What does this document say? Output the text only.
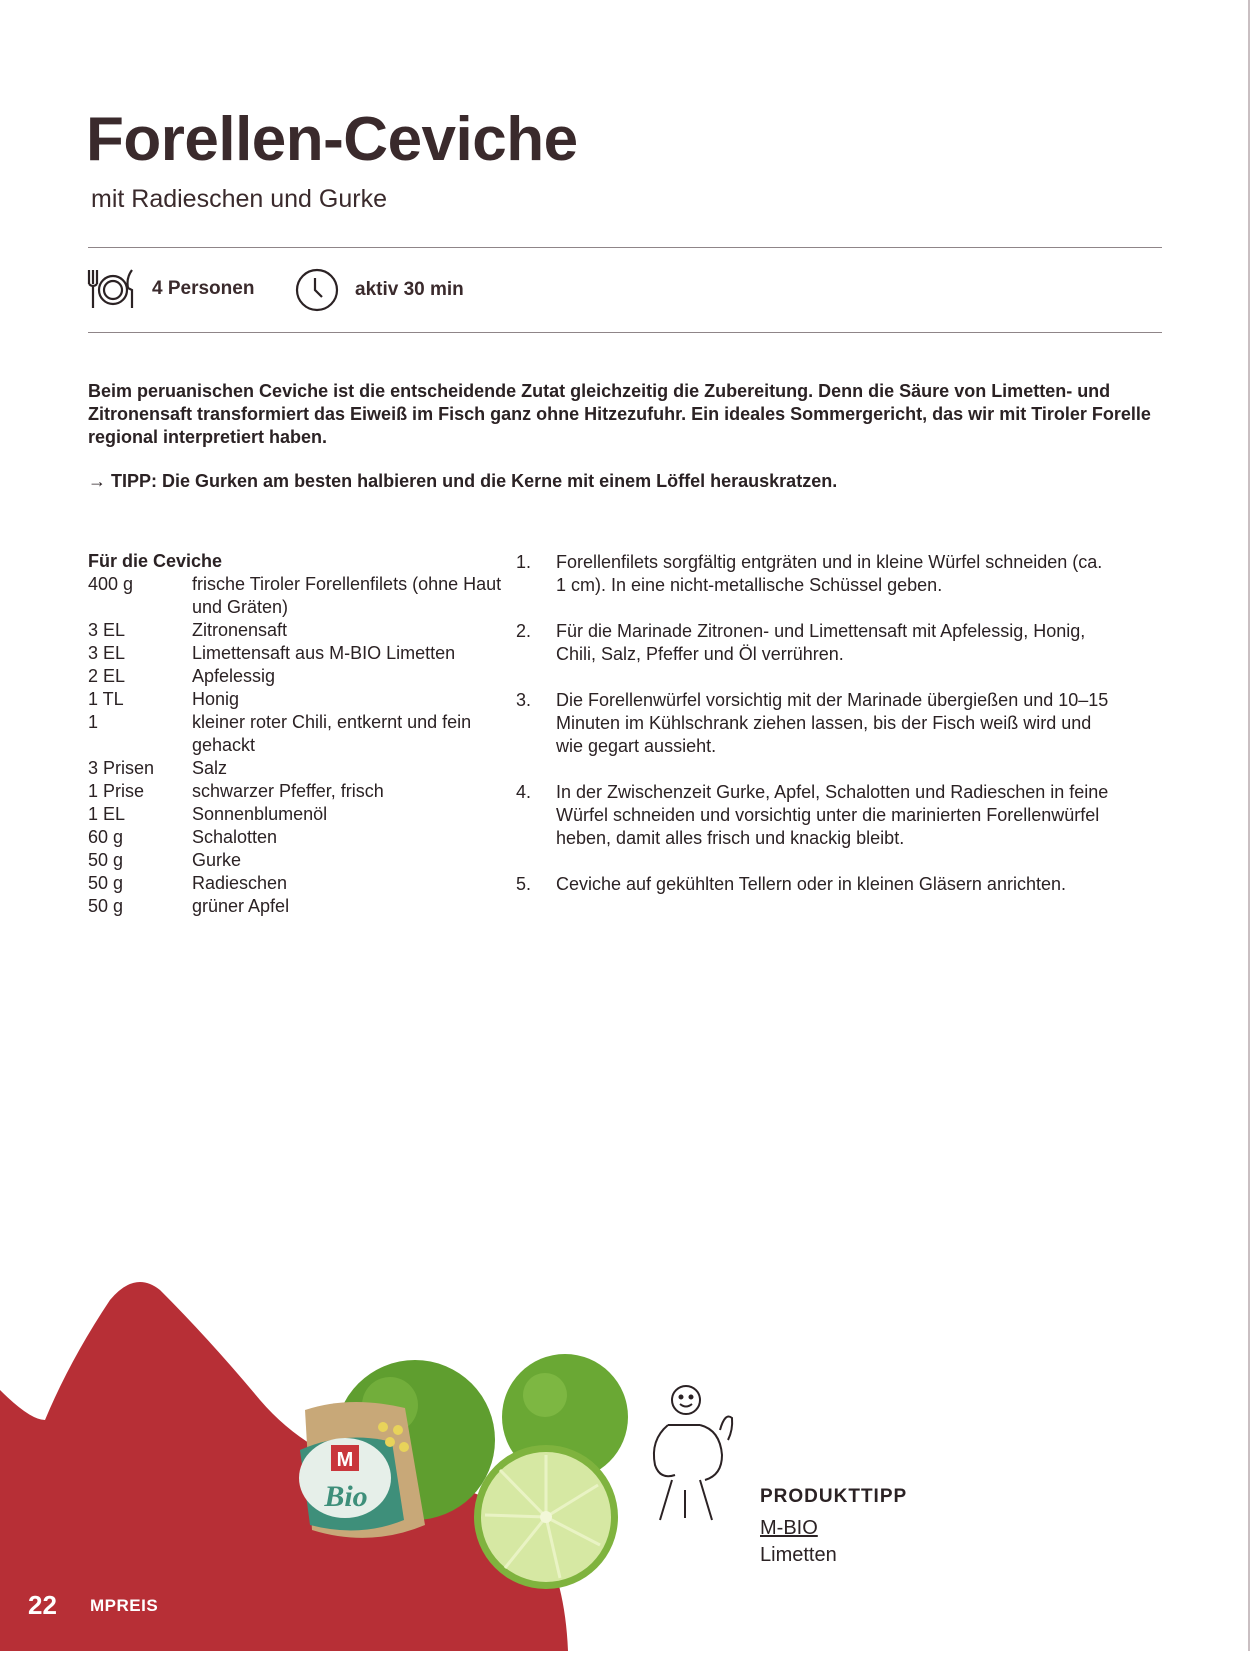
Forellen-Ceviche
mit Radieschen und Gurke
4 Personen	aktiv 30 min
Beim peruanischen Ceviche ist die entscheidende Zutat gleichzeitig die Zubereitung. Denn die Säure von Limetten- und Zitronensaft transformiert das Eiweiß im Fisch ganz ohne Hitzezufuhr. Ein ideales Sommergericht, das wir mit Tiroler Forelle regional interpretiert haben.
→ TIPP: Die Gurken am besten halbieren und die Kerne mit einem Löffel herauskratzen.
Für die Ceviche
400 g	frische Tiroler Forellenfilets (ohne Haut und Gräten)
3 EL	Zitronensaft
3 EL	Limettensaft aus M-BIO Limetten
2 EL	Apfelessig
1 TL	Honig
1	kleiner roter Chili, entkernt und fein gehackt
3 Prisen	Salz
1 Prise	schwarzer Pfeffer, frisch
1 EL	Sonnenblumenöl
60 g	Schalotten
50 g	Gurke
50 g	Radieschen
50 g	grüner Apfel
1.	Forellenfilets sorgfältig entgräten und in kleine Würfel schneiden (ca. 1 cm). In eine nicht-metallische Schüssel geben.
2.	Für die Marinade Zitronen- und Limettensaft mit Apfelessig, Honig, Chili, Salz, Pfeffer und Öl verrühren.
3.	Die Forellenwürfel vorsichtig mit der Marinade übergießen und 10–15 Minuten im Kühlschrank ziehen lassen, bis der Fisch weiß wird und wie gegart aussieht.
4.	In der Zwischenzeit Gurke, Apfel, Schalotten und Radieschen in feine Würfel schneiden und vorsichtig unter die marinierten Forellenwürfel heben, damit alles frisch und knackig bleibt.
5.	Ceviche auf gekühlten Tellern oder in kleinen Gläsern anrichten.
M
Bio
22 MPREIS
PRODUKTTIPP
M-BIO
Limetten
